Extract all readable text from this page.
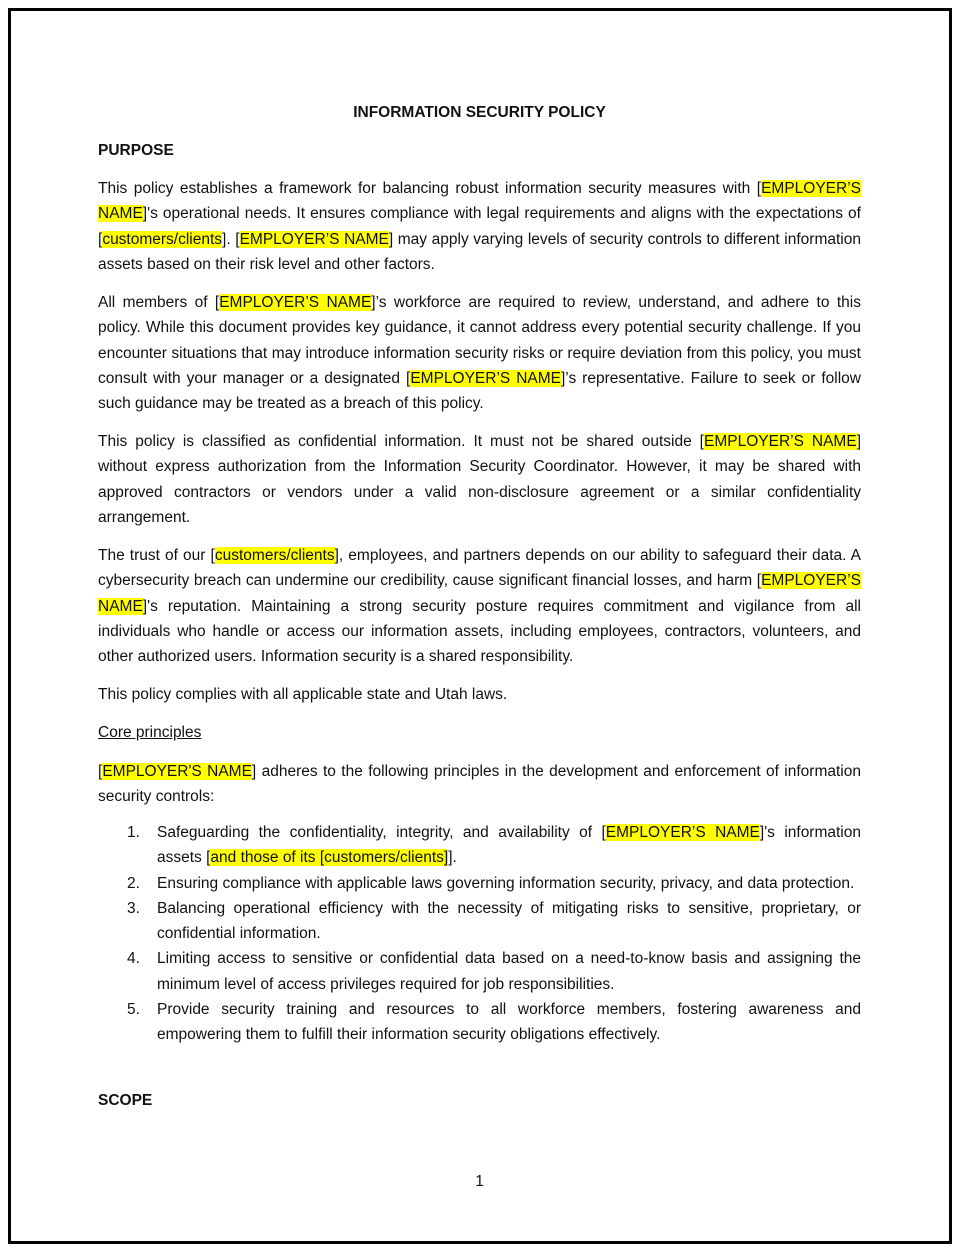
INFORMATION SECURITY POLICY

PURPOSE

This policy establishes a framework for balancing robust information security measures with [EMPLOYER’S NAME]'s operational needs. It ensures compliance with legal requirements and aligns with the expectations of [customers/clients]. [EMPLOYER’S NAME] may apply varying levels of security controls to different information assets based on their risk level and other factors.

All members of [EMPLOYER’S NAME]’s workforce are required to review, understand, and adhere to this policy. While this document provides key guidance, it cannot address every potential security challenge. If you encounter situations that may introduce information security risks or require deviation from this policy, you must consult with your manager or a designated [EMPLOYER’S NAME]’s representative. Failure to seek or follow such guidance may be treated as a breach of this policy.

This policy is classified as confidential information. It must not be shared outside [EMPLOYER’S NAME] without express authorization from the Information Security Coordinator. However, it may be shared with approved contractors or vendors under a valid non-disclosure agreement or a similar confidentiality arrangement.

The trust of our [customers/clients], employees, and partners depends on our ability to safeguard their data. A cybersecurity breach can undermine our credibility, cause significant financial losses, and harm [EMPLOYER’S NAME]'s reputation. Maintaining a strong security posture requires commitment and vigilance from all individuals who handle or access our information assets, including employees, contractors, volunteers, and other authorized users. Information security is a shared responsibility.

This policy complies with all applicable state and Utah laws.

Core principles

[EMPLOYER'S NAME] adheres to the following principles in the development and enforcement of information security controls:

1. Safeguarding the confidentiality, integrity, and availability of [EMPLOYER’S NAME]'s information assets [and those of its [customers/clients]].
2. Ensuring compliance with applicable laws governing information security, privacy, and data protection.
3. Balancing operational efficiency with the necessity of mitigating risks to sensitive, proprietary, or confidential information.
4. Limiting access to sensitive or confidential data based on a need-to-know basis and assigning the minimum level of access privileges required for job responsibilities.
5. Provide security training and resources to all workforce members, fostering awareness and empowering them to fulfill their information security obligations effectively.

SCOPE

1
